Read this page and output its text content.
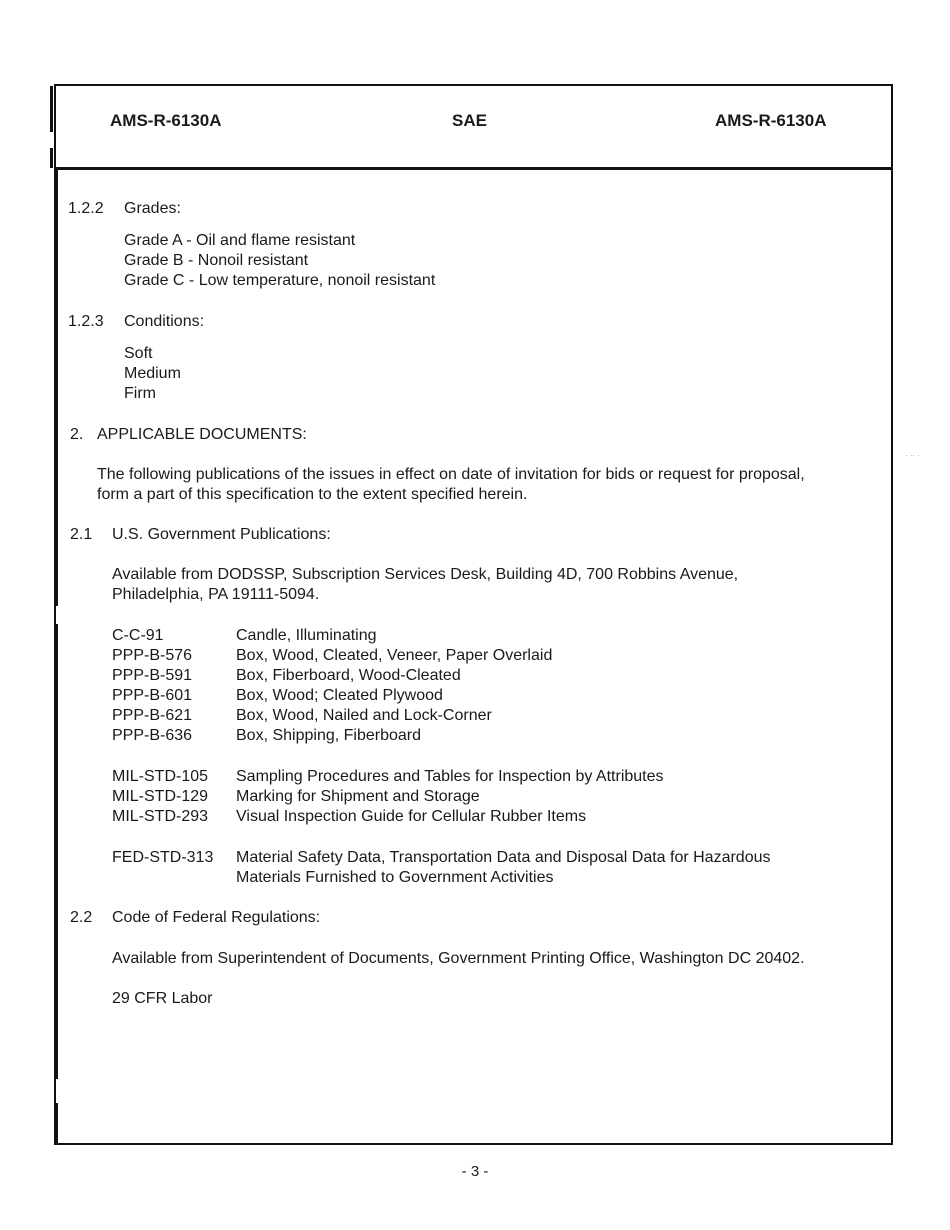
AMS-R-6130A	SAE	AMS-R-6130A
1.2.2 Grades:
Grade A - Oil and flame resistant
Grade B - Nonoil resistant
Grade C - Low temperature, nonoil resistant
1.2.3 Conditions:
Soft
Medium
Firm
2. APPLICABLE DOCUMENTS:
The following publications of the issues in effect on date of invitation for bids or request for proposal,
form a part of this specification to the extent specified herein.
2.1 U.S. Government Publications:
Available from DODSSP, Subscription Services Desk, Building 4D, 700 Robbins Avenue,
Philadelphia, PA 19111-5094.
C-C-91	Candle, Illuminating
PPP-B-576	Box, Wood, Cleated, Veneer, Paper Overlaid
PPP-B-591	Box, Fiberboard, Wood-Cleated
PPP-B-601	Box, Wood; Cleated Plywood
PPP-B-621	Box, Wood, Nailed and Lock-Corner
PPP-B-636	Box, Shipping, Fiberboard
MIL-STD-105 Sampling Procedures and Tables for Inspection by Attributes
MIL-STD-129 Marking for Shipment and Storage
MIL-STD-293 Visual Inspection Guide for Cellular Rubber Items
FED-STD-313 Material Safety Data, Transportation Data and Disposal Data for Hazardous
Materials Furnished to Government Activities
2.2 Code of Federal Regulations:
Available from Superintendent of Documents, Government Printing Office, Washington DC 20402.
29 CFR Labor
· ·· ·
- 3 -
